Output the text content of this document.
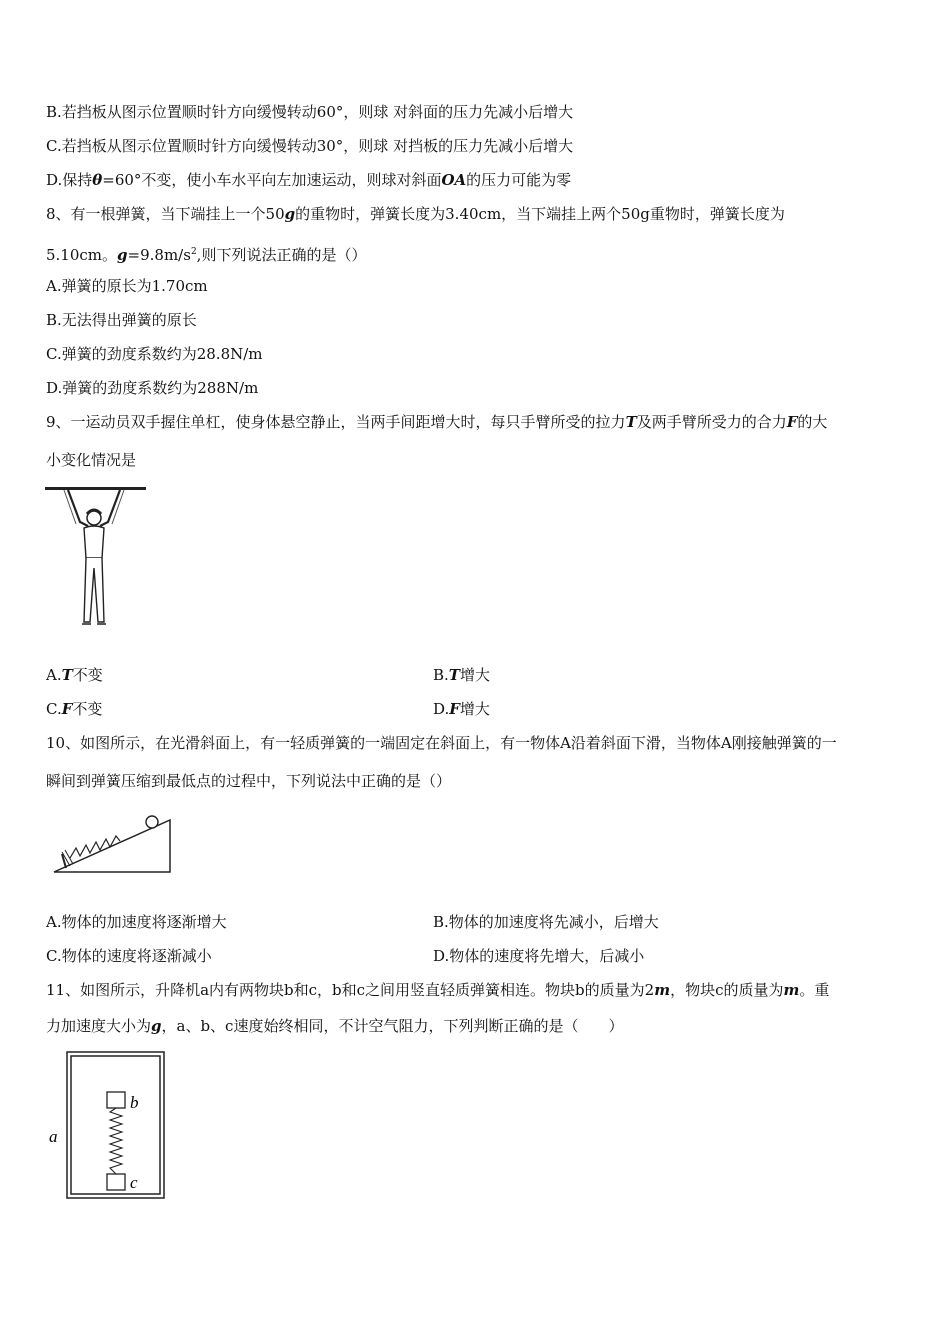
B.若挡板从图示位置顺时针方向缓慢转动60°，则球 对斜面的压力先减小后增大
C.若挡板从图示位置顺时针方向缓慢转动30°，则球 对挡板的压力先减小后增大
D.保持θ=60°不变，使小车水平向左加速运动，则球对斜面OA的压力可能为零
8、有一根弹簧，当下端挂上一个50g的重物时，弹簧长度为3.40cm，当下端挂上两个50g重物时，弹簧长度为
5.10cm。$g=9.8m/s^2$,则下列说法正确的是（）
A.弹簧的原长为1.70cm
B.无法得出弹簧的原长
C.弹簧的劲度系数约为28.8N/m
D.弹簧的劲度系数约为288N/m
9、一运动员双手握住单杠，使身体悬空静止，当两手间距增大时，每只手臂所受的拉力T及两手臂所受力的合力F的大
小变化情况是
A.T不变	B.T增大
C.F不变	D.F增大
10、如图所示，在光滑斜面上，有一轻质弹簧的一端固定在斜面上，有一物体A沿着斜面下滑，当物体A刚接触弹簧的一
瞬间到弹簧压缩到最低点的过程中，下列说法中正确的是（）
A.物体的加速度将逐渐增大	B.物体的加速度将先减小，后增大
C.物体的速度将逐渐减小	D.物体的速度将先增大，后减小
11、如图所示，升降机a内有两物块b和c，b和c之间用竖直轻质弹簧相连。物块b的质量为2m，物块c的质量为m。重
力加速度大小为g，a、b、c速度始终相同，不计空气阻力，下列判断正确的是（　　）
a
b
c
